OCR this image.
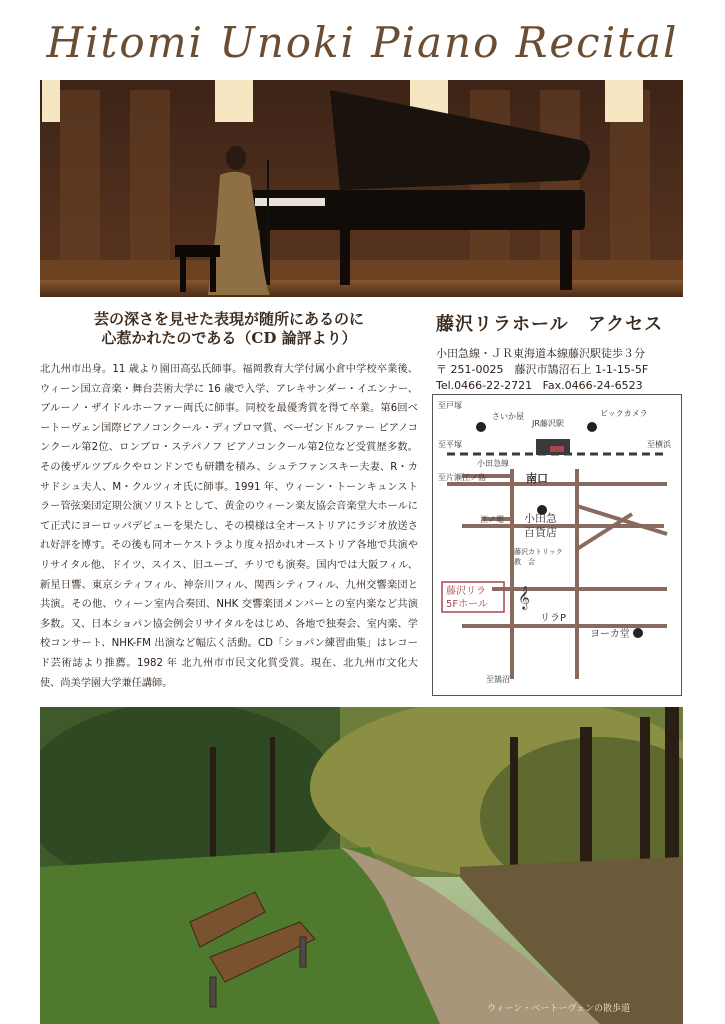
Hitomi Unoki Piano Recital
芸の深さを見せた表現が随所にあるのに
心惹かれたのである（CD 論評より）

北九州市出身。11 歳より園田高弘氏師事。福岡教育大学付属小倉中学校卒業後、ウィーン国立音楽・舞台芸術大学に 16 歳で入学、アレキサンダー・イエンナー、ブルーノ・ザイドルホーファー両氏に師事。同校を最優秀賞を得て卒業。第6回ベートーヴェン国際ピアノコンクール・ディプロマ賞、ベーゼンドルファー ピアノコンクール第2位、ロンブロ・ステパノフ ピアノコンクール第2位など受賞歴多数。その後ザルツブルクやロンドンでも研鑽を積み、シュテファンスキー夫妻、R・カサドシュ夫人、M・クルツィオ氏に師事。1991 年、ウィーン・トーンキュンストラー管弦楽団定期公演ソリストとして、黄金のウィーン楽友協会音楽堂大ホールにて正式にヨーロッパデビューを果たし、その模様は全オーストリアにラジオ放送され好評を博す。その後も同オーケストラより度々招かれオーストリア各地で共演やリサイタル他、ドイツ、スイス、旧ユーゴ、チリでも演奏。国内では大阪フィル、新星日響、東京シティフィル、神奈川フィル、関西シティフィル、九州交響楽団と共演。その他、ウィーン室内合奏団、NHK 交響楽団メンバーとの室内楽など共演多数。又、日本ショパン協会例会リサイタルをはじめ、各地で独奏会、室内楽、学校コンサート、NHK-FM 出演など幅広く活動。CD「ショパン練習曲集」はレコード芸術誌より推薦。1982 年 北九州市市民文化賞受賞。現在、北九州市文化大使、尚美学園大学兼任講師。

藤沢リラホール　アクセス
小田急線・ＪＲ東海道本線藤沢駅徒歩３分
〒 251-0025　藤沢市鵠沼石上 1-1-15-5F
Tel.0466-22-2721 Fax.0466-24-6523
𝄞
至戸塚
さいか屋
JR藤沢駅
ビックカメラ
至平塚	至横浜
小田急線
至片瀬江ノ島	南口
江ノ電 小田急
百貨店
藤沢カトリック
教　会
藤沢リラ
5Fホール
リラP
ヨーカ堂
至鵠沼
ウィーン・ベートーヴェンの散歩道
